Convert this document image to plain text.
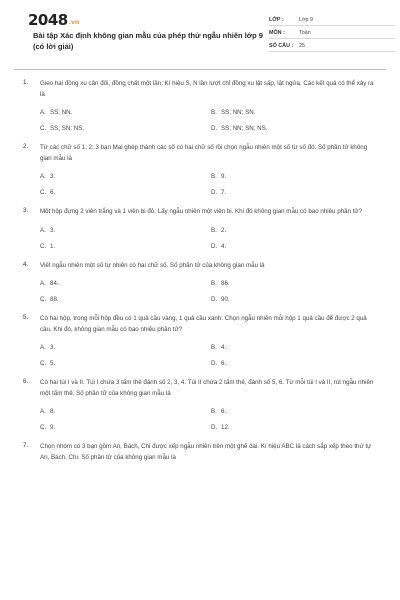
2048.vn
Bài tập Xác định không gian mẫu của phép thử ngẫu nhiên lớp 9 (có lời giải)
LỚP :	Lớp 9
MÔN :	Toán
SỐ CÂU :	25
1. Gieo hai đồng xu cân đối, đồng chất một lần. Kí hiệu S, N lần lượt chỉ đồng xu lật sấp, lật ngửa. Các kết quả có thể xảy ra là
A. SS; NN.	B. SS; NN; SN.
C. SS; SN; NS.	D. SS; NN; SN; NS.
2. Từ các chữ số 1; 2; 3 bạn Mai ghép thành các số có hai chữ số rồi chọn ngẫu nhiên một số từ số đó. Số phần tử không gian mẫu là
A. 3.	B. 9.
C. 6.	D. 7.
3. Một hộp đựng 2 viên trắng và 1 viên bi đỏ. Lấy ngẫu nhiên một viên bi. Khi đó không gian mẫu có bao nhiêu phần tử?
A. 3.	B. 2.
C. 1.	D. 4.
4. Viết ngẫu nhiên một số tự nhiên có hai chữ số. Số phần tử của không gian mẫu là
A. 84.	B. 86.
C. 88.	D. 90.
5. Có hai hộp, trong mỗi hộp đều có 1 quả cầu vàng, 1 quả cầu xanh. Chọn ngẫu nhiên mỗi hộp 1 quả cầu để được 2 quả cầu. Khi đó, không gian mẫu có bao nhiêu phần tử?
A. 3.	B. 4.
C. 5.	D. 6.
6. Có hai túi I và II. Túi I chứa 3 tấm thẻ đánh số 2, 3, 4. Túi II chứa 2 tấm thẻ, đánh số 5, 6. Từ mỗi túi I và II, rút ngẫu nhiên một tấm thẻ. Số phần tử của không gian mẫu là
A. 8.	B. 6.
C. 9.	D. 12.
7. Chọn nhóm có 3 bạn gồm An, Bách, Chi được xếp ngẫu nhiên trên một ghế dài. Kí hiệu ABC là cách sắp xếp theo thứ tự An, Bách, Chi. Số phần tử của không gian mẫu là
